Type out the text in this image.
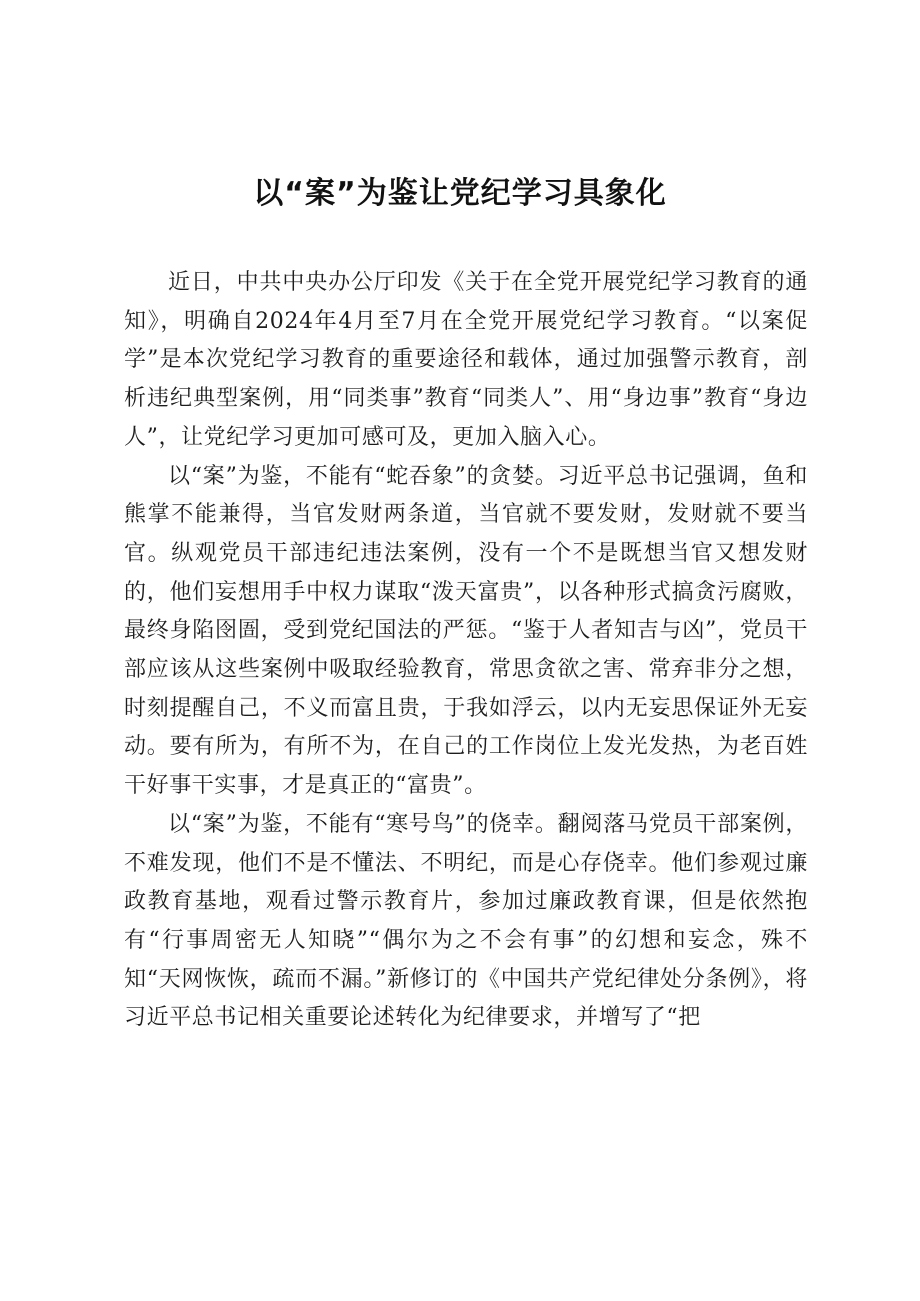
以“案”为鉴让党纪学习具象化

近日，中共中央办公厅印发《关于在全党开展党纪学习教育的通知》，明确自2024年4月至7月在全党开展党纪学习教育。“以案促学”是本次党纪学习教育的重要途径和载体，通过加强警示教育，剖析违纪典型案例，用“同类事”教育“同类人”、用“身边事”教育“身边人”，让党纪学习更加可感可及，更加入脑入心。

以“案”为鉴，不能有“蛇吞象”的贪婪。习近平总书记强调，鱼和熊掌不能兼得，当官发财两条道，当官就不要发财，发财就不要当官。纵观党员干部违纪违法案例，没有一个不是既想当官又想发财的，他们妄想用手中权力谋取“泼天富贵”，以各种形式搞贪污腐败，最终身陷囹圄，受到党纪国法的严惩。“鉴于人者知吉与凶”，党员干部应该从这些案例中吸取经验教育，常思贪欲之害、常弃非分之想，时刻提醒自己，不义而富且贵，于我如浮云，以内无妄思保证外无妄动。要有所为，有所不为，在自己的工作岗位上发光发热，为老百姓干好事干实事，才是真正的“富贵”。

以“案”为鉴，不能有“寒号鸟”的侥幸。翻阅落马党员干部案例，不难发现，他们不是不懂法、不明纪，而是心存侥幸。他们参观过廉政教育基地，观看过警示教育片，参加过廉政教育课，但是依然抱有“行事周密无人知晓”“偶尔为之不会有事”的幻想和妄念，殊不知“天网恢恢，疏而不漏。”新修订的《中国共产党纪律处分条例》，将习近平总书记相关重要论述转化为纪律要求，并增写了“把
